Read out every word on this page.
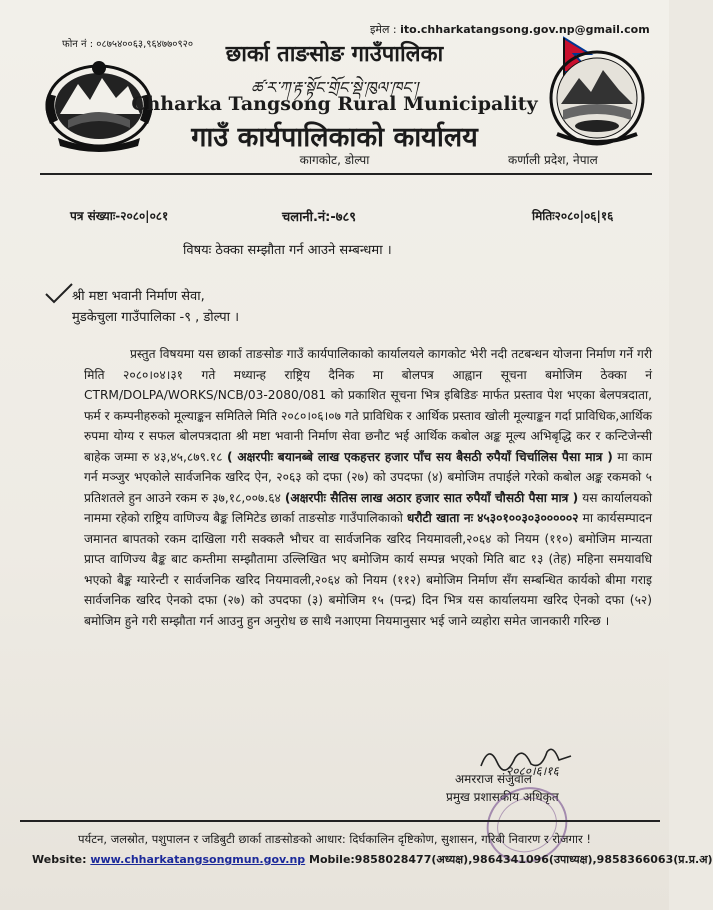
फोन नं : ०८७५४००६३,९६४७७०९२०
इमेल : ito.chharkatangsong.gov.np@gmail.com
छार्का ताङसोङ गाउँपालिका
ཚ་ར་ཀ་རྟ་སྟོང་གྲོང་སྡེ་ཁུལ་ཁང་།
Chharka Tangsong Rural Municipality
गाउँ कार्यपालिकाको कार्यालय
कागकोट, डोल्पा	कर्णाली प्रदेश, नेपाल
पत्र संख्याः-२०८०|०८१	चलानी.नं:-७८९	मितिः२०८०|०६|१६
विषयः ठेक्का सम्झौता गर्न आउने सम्बन्धमा ।
श्री मष्टा भवानी निर्माण सेवा,
मुडकेचुला गाउँपालिका -९ , डोल्पा ।

प्रस्तुत विषयमा यस छार्का ताङसोङ गाउँ कार्यपालिकाको कार्यालयले कागकोट भेरी नदी तटबन्धन योजना निर्माण गर्ने गरी मिति २०८०।०४।३१ गते मध्यान्ह राष्ट्रिय दैनिक मा बोलपत्र आह्वान सूचना बमोजिम ठेक्का नं CTRM/DOLPA/WORKS/NCB/03-2080/081 को प्रकाशित सूचना भित्र इबिडिङ मार्फत प्रस्ताव पेश भएका बेलपत्रदाता, फर्म र कम्पनीहरुको मूल्याङ्कन समितिले मिति २०८०।०६।०७ गते प्राविधिक र आर्थिक प्रस्ताव खोली मूल्याङ्कन गर्दा प्राविधिक,आर्थिक रुपमा योग्य र सफल बोलपत्रदाता श्री मष्टा भवानी निर्माण सेवा छनौट भई आर्थिक कबोल अङ्क मूल्य अभिबृद्धि कर र कन्टिजेन्सी बाहेक जम्मा रु ४३,४५,८७९.१८ ( अक्षरपीः बयानब्बे लाख एकहत्तर हजार पाँच सय बैसठी रुपैयाँ चिर्चालिस पैसा मात्र ) मा काम गर्न मञ्जुर भएकोले सार्वजनिक खरिद ऐन, २०६३ को दफा (२७) को उपदफा (४) बमोजिम तपाईले गरेको कबोल अङ्क रकमको ५ प्रतिशतले हुन आउने रकम रु ३७,१८,००७.६४ (अक्षरपीः सैतिस लाख अठार हजार सात रुपैयाँ चौसठी पैसा मात्र ) यस कार्यालयको नाममा रहेको राष्ट्रिय वाणिज्य बैङ्क लिमिटेड छार्का ताङसोङ गाउँपालिकाको धरौटी खाता नः ४५३०१००३०३०००००२ मा कार्यसम्पादन जमानत बापतको रकम दाखिला गरी सक्कलै भौचर वा सार्वजनिक खरिद नियमावली,२०६४ को नियम (११०) बमोजिम मान्यता प्राप्त वाणिज्य बैङ्क बाट कम्तीमा सम्झौतामा उल्लिखित भए बमोजिम कार्य सम्पन्न भएको मिति बाट १३ (तेह) महिना समयावधि भएको बैङ्क ग्यारेन्टी र सार्वजनिक खरिद नियमावली,२०६४ को नियम (११२) बमोजिम निर्माण सँग सम्बन्धित कार्यको बीमा गराइ सार्वजनिक खरिद ऐनको दफा (२७) को उपदफा (३) बमोजिम १५ (पन्द्र) दिन भित्र यस कार्यालयमा खरिद ऐनको दफा (५२) बमोजिम हुने गरी सम्झौता गर्न आउनु हुन अनुरोध छ साथै नआएमा नियमानुसार भई जाने व्यहोरा समेत जानकारी गरिन्छ ।

२०८०।६।१६
अमरराज संजुवाल
प्रमुख प्रशासकीय अधिकृत
पर्यटन, जलस्रोत, पशुपालन र जडिबुटी छार्का ताङसोङको आधार: दिर्घकालिन दृष्टिकोण, सुशासन, गरिबी निवारण र रोजगार !
Website: www.chharkatangsongmun.gov.np Mobile:9858028477(अध्यक्ष),9864341096(उपाध्यक्ष),9858366063(प्र.प्र.अ)
